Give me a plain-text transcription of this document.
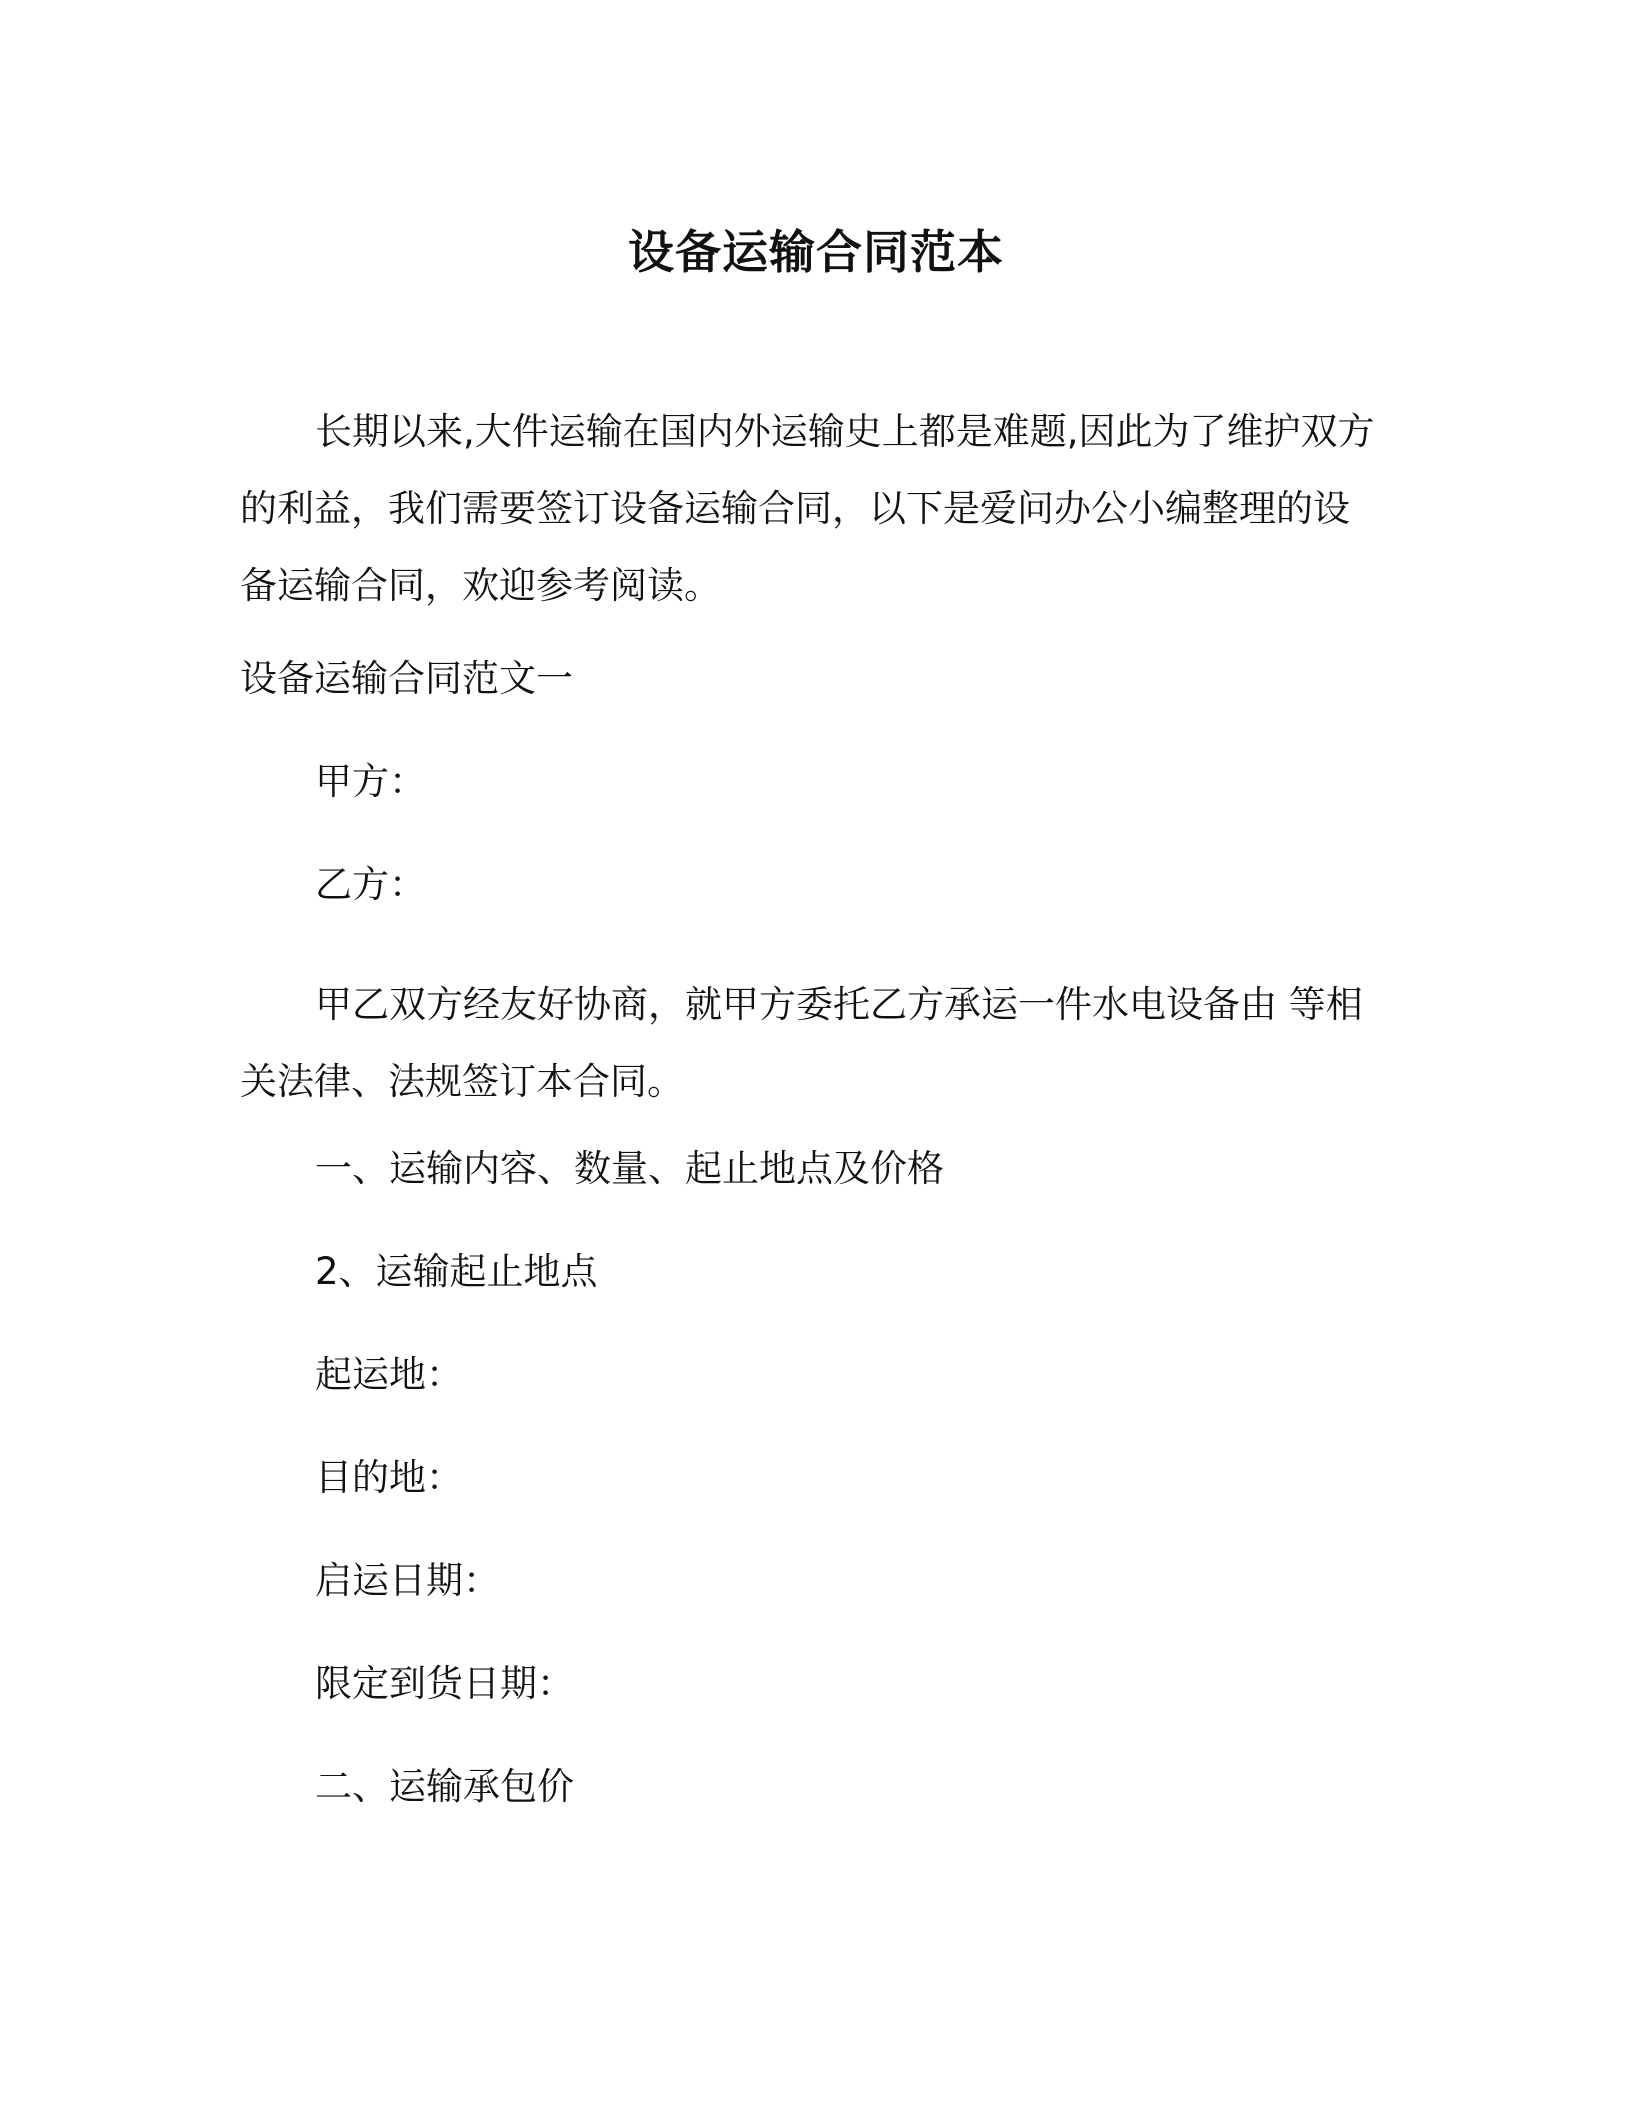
设备运输合同范本

长期以来,大件运输在国内外运输史上都是难题,因此为了维护双方的利益，我们需要签订设备运输合同，以下是爱问办公小编整理的设备运输合同，欢迎参考阅读。

设备运输合同范文一

甲方：

乙方：

甲乙双方经友好协商，就甲方委托乙方承运一件水电设备由 等相关法律、法规签订本合同。

一、运输内容、数量、起止地点及价格

2、运输起止地点

起运地：

目的地：

启运日期：

限定到货日期：

二、运输承包价
